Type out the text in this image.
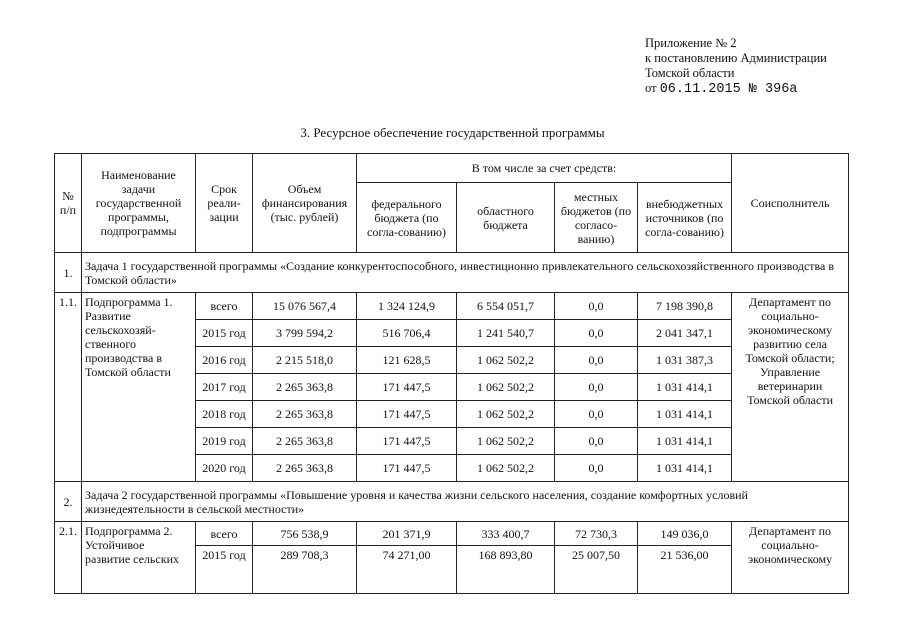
Приложение № 2
к постановлению Администрации
Томской области
от 06.11.2015 № 396а
3. Ресурсное обеспечение государственной программы
№ п/п	Наименование задачи государственной программы, подпрограммы	Срок реали-зации	Объем финансирования (тыс. рублей)	В том числе за счет средств:				Соисполнитель
				федерального бюджета (по согла-сованию)	областного бюджета	местных бюджетов (по согласо-ванию)	внебюджетных источников (по согла-сованию)	
1.	Задача 1 государственной программы «Создание конкурентоспособного, инвестиционно привлекательного сельскохозяйственного производства в Томской области»							
1.1.	Подпрограмма 1. Развитие сельскохозяй-ственного производства в Томской области	всего	15 076 567,4	1 324 124,9	6 554 051,7	0,0	7 198 390,8	Департамент по социально-экономическому развитию села Томской области; Управление ветеринарии Томской области
		2015 год	3 799 594,2	516 706,4	1 241 540,7	0,0	2 041 347,1	
		2016 год	2 215 518,0	121 628,5	1 062 502,2	0,0	1 031 387,3	
		2017 год	2 265 363,8	171 447,5	1 062 502,2	0,0	1 031 414,1	
		2018 год	2 265 363,8	171 447,5	1 062 502,2	0,0	1 031 414,1	
		2019 год	2 265 363,8	171 447,5	1 062 502,2	0,0	1 031 414,1	
		2020 год	2 265 363,8	171 447,5	1 062 502,2	0,0	1 031 414,1	
2.	Задача 2 государственной программы «Повышение уровня и качества жизни сельского населения, создание комфортных условий жизнедеятельности в сельской местности»							
2.1.	Подпрограмма 2. Устойчивое развитие сельских	всего	756 538,9	201 371,9	333 400,7	72 730,3	149 036,0	Департамент по социально-экономическому
		2015 год	289 708,3	74 271,00	168 893,80	25 007,50	21 536,00	
